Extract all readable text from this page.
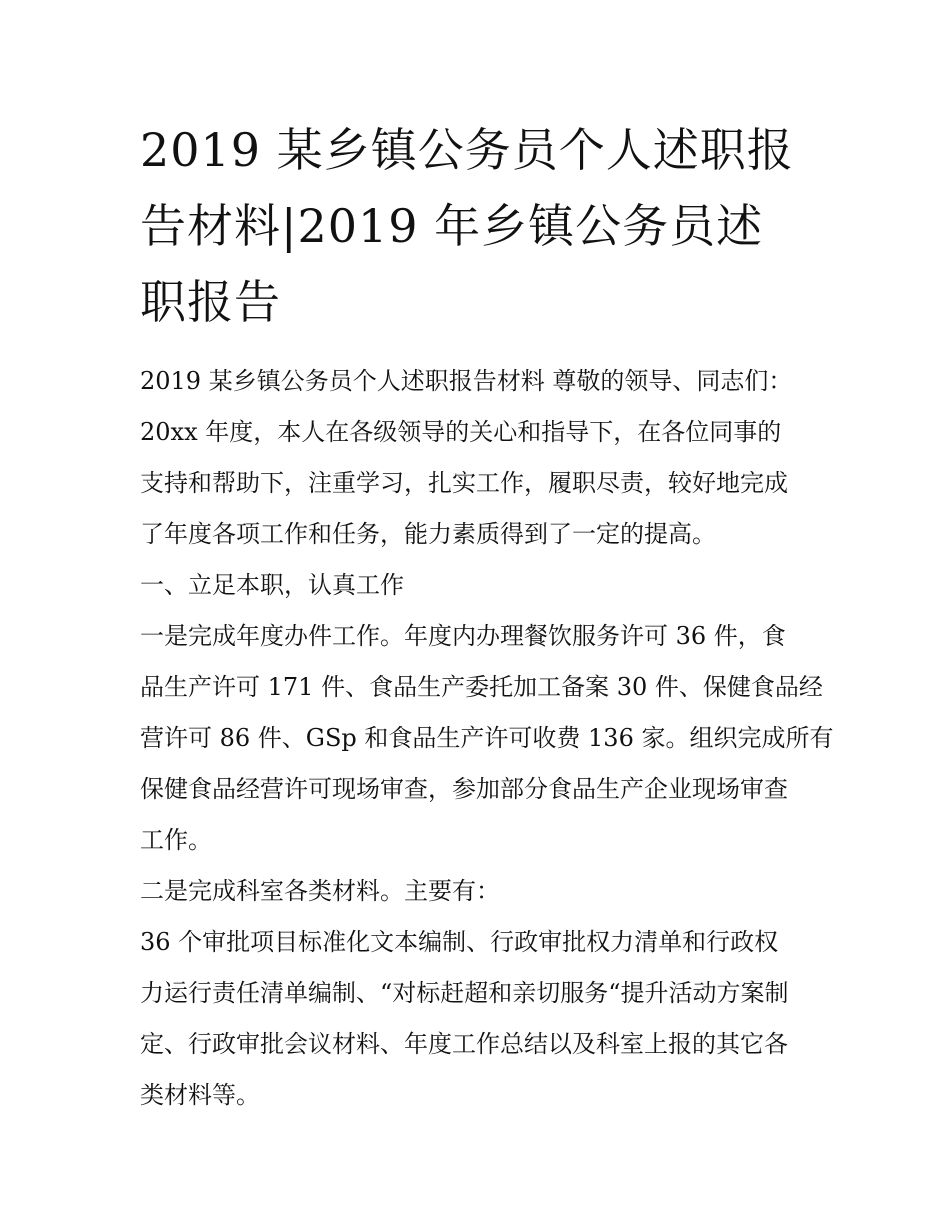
2019 某乡镇公务员个人述职报
告材料|2019 年乡镇公务员述
职报告

2019 某乡镇公务员个人述职报告材料 尊敬的领导、同志们：

20xx 年度，本人在各级领导的关心和指导下，在各位同事的

支持和帮助下，注重学习，扎实工作，履职尽责，较好地完成

了年度各项工作和任务，能力素质得到了一定的提高。

一、立足本职，认真工作

一是完成年度办件工作。年度内办理餐饮服务许可 36 件，食

品生产许可 171 件、食品生产委托加工备案 30 件、保健食品经

营许可 86 件、GSp 和食品生产许可收费 136 家。组织完成所有

保健食品经营许可现场审查，参加部分食品生产企业现场审查

工作。

二是完成科室各类材料。主要有：

36 个审批项目标准化文本编制、行政审批权力清单和行政权

力运行责任清单编制、“对标赶超和亲切服务“提升活动方案制

定、行政审批会议材料、年度工作总结以及科室上报的其它各

类材料等。
